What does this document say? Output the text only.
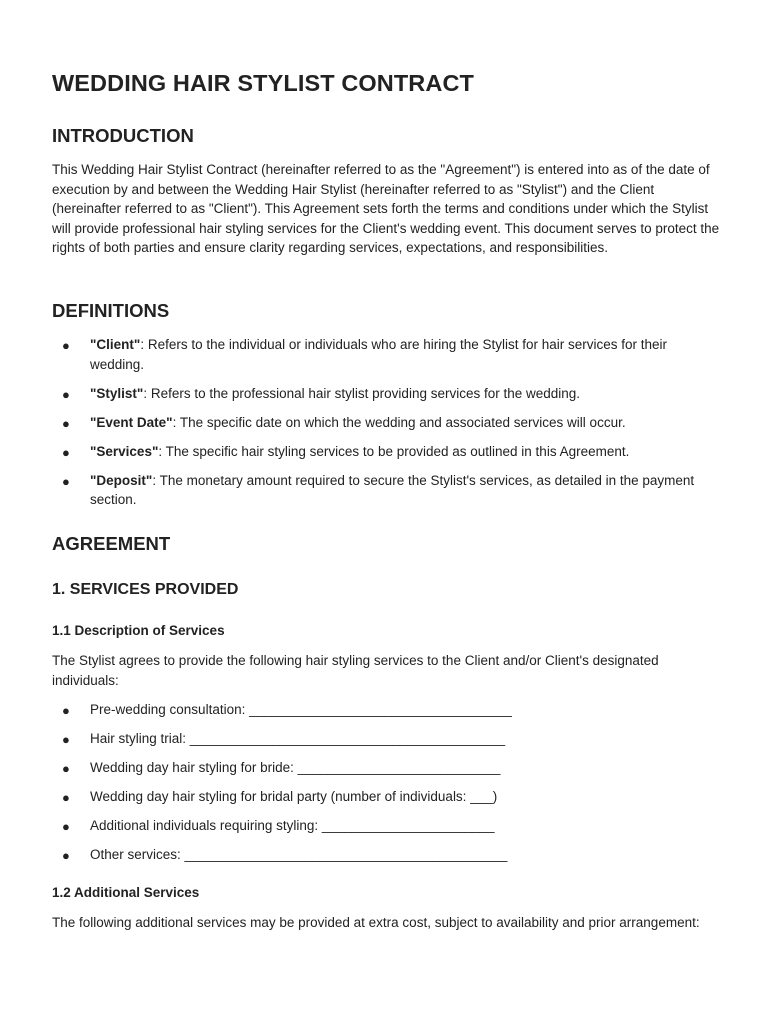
WEDDING HAIR STYLIST CONTRACT
INTRODUCTION

This Wedding Hair Stylist Contract (hereinafter referred to as the "Agreement") is entered into as of the date of execution by and between the Wedding Hair Stylist (hereinafter referred to as "Stylist") and the Client (hereinafter referred to as "Client"). This Agreement sets forth the terms and conditions under which the Stylist will provide professional hair styling services for the Client's wedding event. This document serves to protect the rights of both parties and ensure clarity regarding services, expectations, and responsibilities.

DEFINITIONS
● "Client": Refers to the individual or individuals who are hiring the Stylist for hair services for their wedding.
● "Stylist": Refers to the professional hair stylist providing services for the wedding.
● "Event Date": The specific date on which the wedding and associated services will occur.
● "Services": The specific hair styling services to be provided as outlined in this Agreement.
● "Deposit": The monetary amount required to secure the Stylist's services, as detailed in the payment section.
AGREEMENT
1. SERVICES PROVIDED
1.1 Description of Services

The Stylist agrees to provide the following hair styling services to the Client and/or Client's designated individuals:

● Pre-wedding consultation: ___________________________________
● Hair styling trial: __________________________________________
● Wedding day hair styling for bride: ___________________________
● Wedding day hair styling for bridal party (number of individuals: ___)
● Additional individuals requiring styling: _______________________
● Other services: ___________________________________________
1.2 Additional Services

The following additional services may be provided at extra cost, subject to availability and prior arrangement:
